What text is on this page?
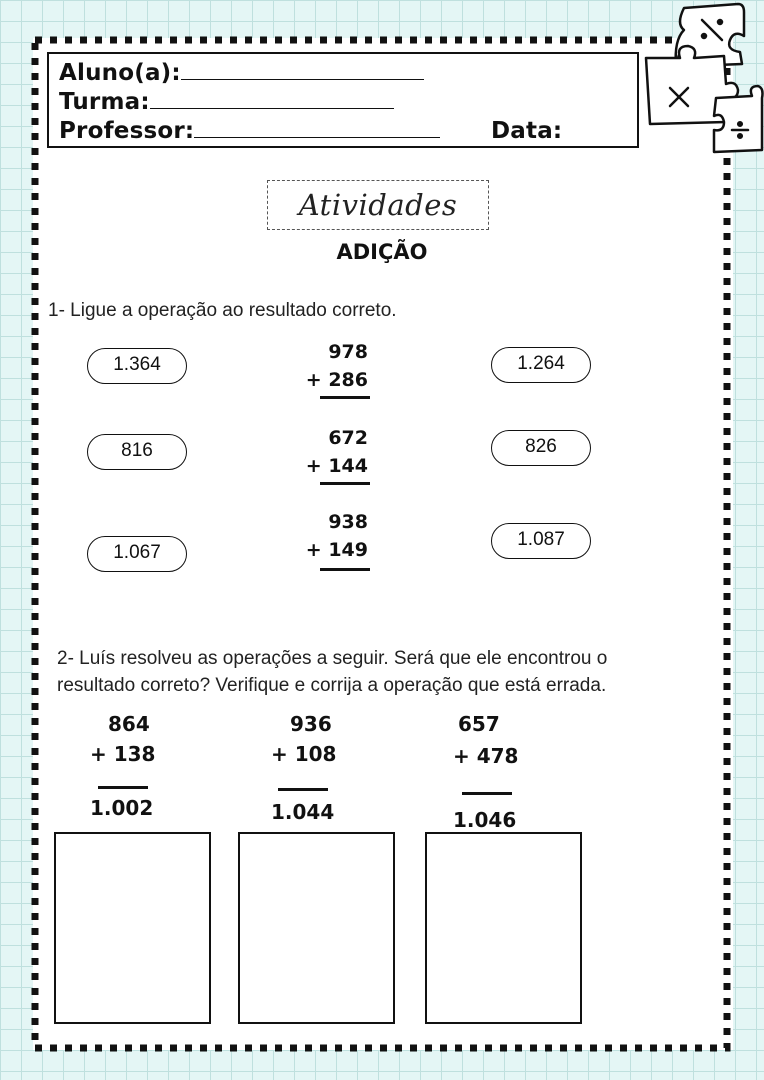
Aluno(a):
Turma:
Professor:	Data:
Atividades
ADIÇÃO
1- Ligue a operação ao resultado correto.
1.364
816
1.067
978
+ 286
672
+ 144
938
+ 149
1.264
826
1.087
2- Luís resolveu as operações a seguir. Será que ele encontrou o
resultado correto? Verifique e corrija a operação que está errada.
864
+ 138
1.002
936
+ 108
1.044
657
+ 478
1.046
